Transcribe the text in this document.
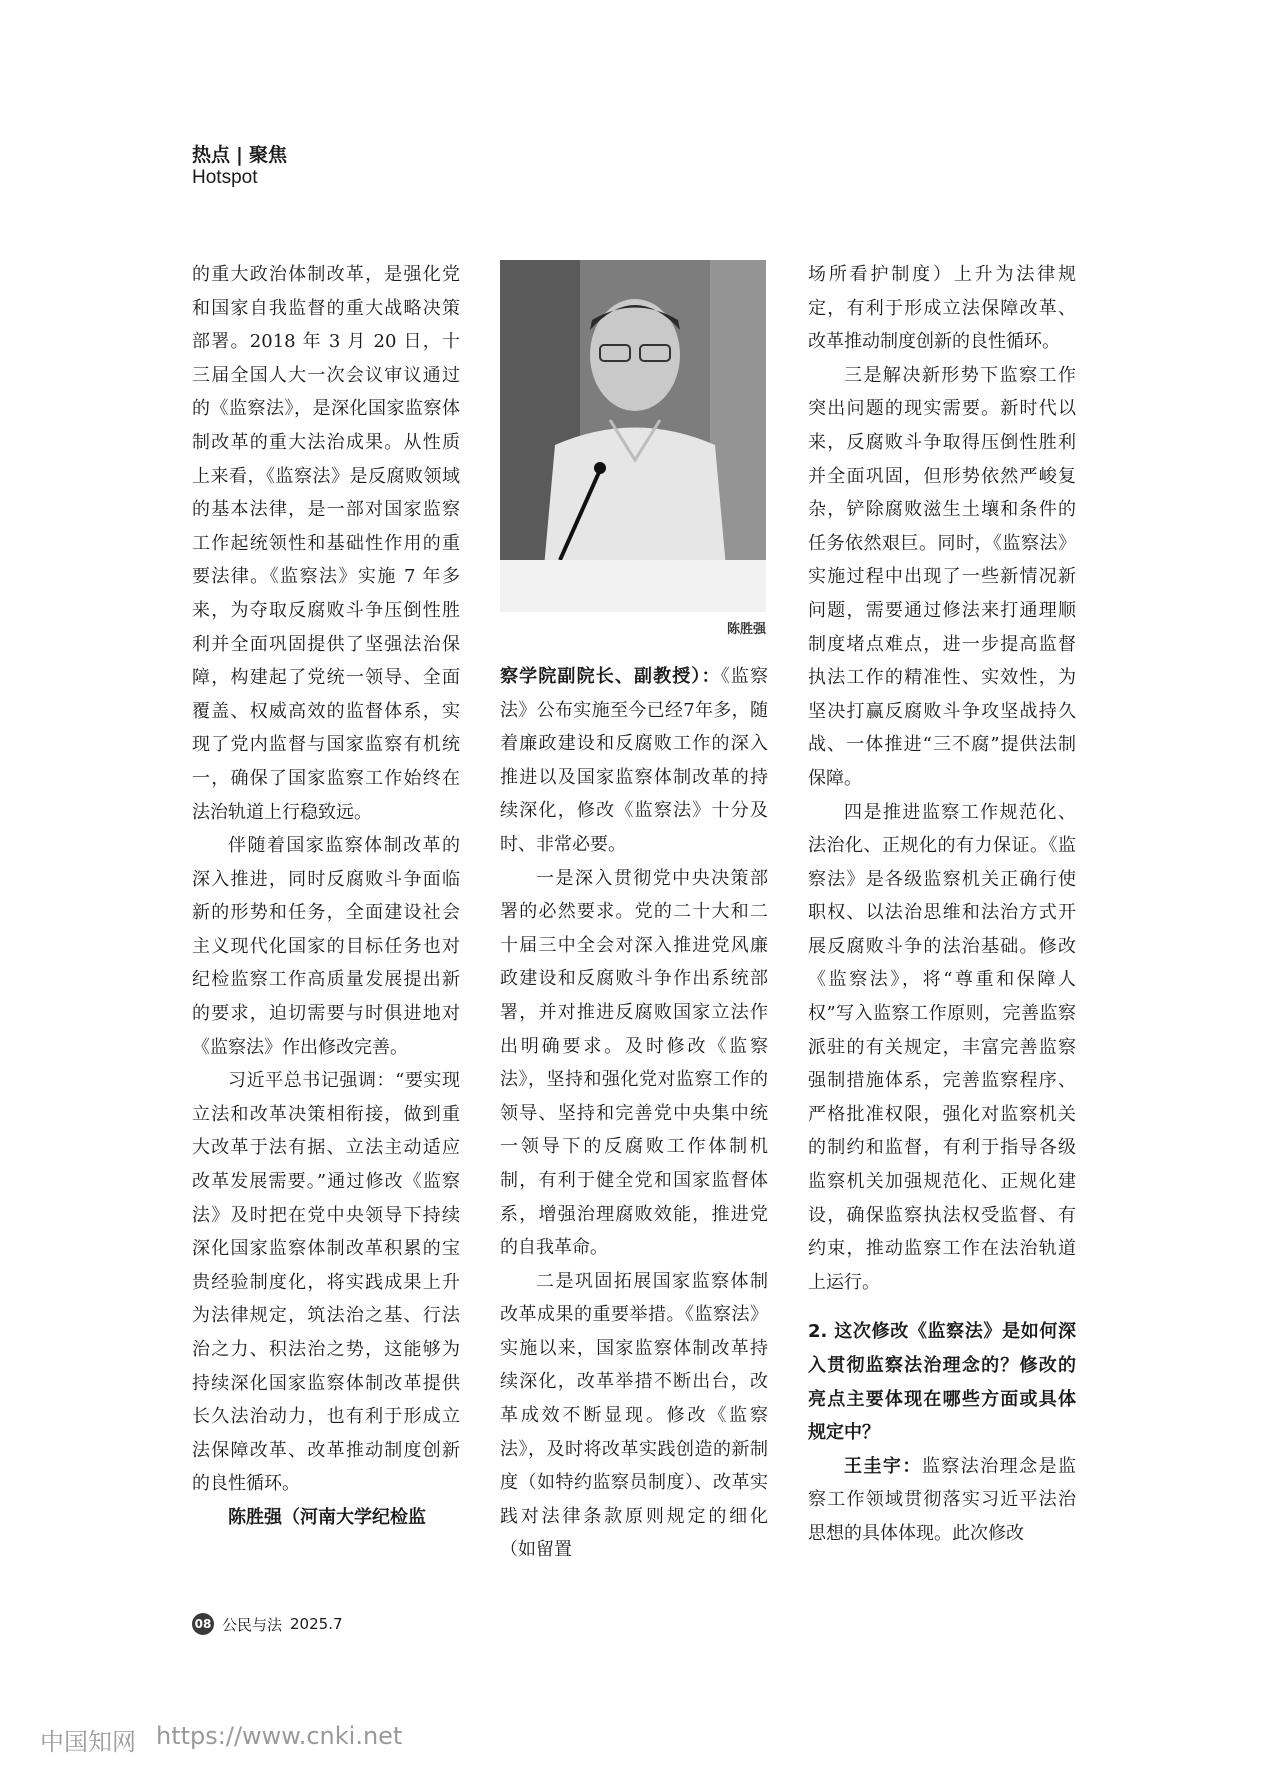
热点 | 聚焦
Hotspot

的重大政治体制改革，是强化党和国家自我监督的重大战略决策部署。2018 年 3 月 20 日，十三届全国人大一次会议审议通过的《监察法》，是深化国家监察体制改革的重大法治成果。从性质上来看，《监察法》是反腐败领域的基本法律，是一部对国家监察工作起统领性和基础性作用的重要法律。《监察法》实施 7 年多来，为夺取反腐败斗争压倒性胜利并全面巩固提供了坚强法治保障，构建起了党统一领导、全面覆盖、权威高效的监督体系，实现了党内监督与国家监察有机统一，确保了国家监察工作始终在法治轨道上行稳致远。

伴随着国家监察体制改革的深入推进，同时反腐败斗争面临新的形势和任务，全面建设社会主义现代化国家的目标任务也对纪检监察工作高质量发展提出新的要求，迫切需要与时俱进地对《监察法》作出修改完善。

习近平总书记强调：“要实现立法和改革决策相衔接，做到重大改革于法有据、立法主动适应改革发展需要。”通过修改《监察法》及时把在党中央领导下持续深化国家监察体制改革积累的宝贵经验制度化，将实践成果上升为法律规定，筑法治之基、行法治之力、积法治之势，这能够为持续深化国家监察体制改革提供长久法治动力，也有利于形成立法保障改革、改革推动制度创新的良性循环。

陈胜强（河南大学纪检监

陈胜强

察学院副院长、副教授）：《监察法》公布实施至今已经7年多，随着廉政建设和反腐败工作的深入推进以及国家监察体制改革的持续深化，修改《监察法》十分及时、非常必要。

一是深入贯彻党中央决策部署的必然要求。党的二十大和二十届三中全会对深入推进党风廉政建设和反腐败斗争作出系统部署，并对推进反腐败国家立法作出明确要求。及时修改《监察法》，坚持和强化党对监察工作的领导、坚持和完善党中央集中统一领导下的反腐败工作体制机制，有利于健全党和国家监督体系，增强治理腐败效能，推进党的自我革命。

二是巩固拓展国家监察体制改革成果的重要举措。《监察法》实施以来，国家监察体制改革持续深化，改革举措不断出台，改革成效不断显现。修改《监察法》，及时将改革实践创造的新制度（如特约监察员制度）、改革实践对法律条款原则规定的细化（如留置

场所看护制度）上升为法律规定，有利于形成立法保障改革、改革推动制度创新的良性循环。

三是解决新形势下监察工作突出问题的现实需要。新时代以来，反腐败斗争取得压倒性胜利并全面巩固，但形势依然严峻复杂，铲除腐败滋生土壤和条件的任务依然艰巨。同时，《监察法》实施过程中出现了一些新情况新问题，需要通过修法来打通理顺制度堵点难点，进一步提高监督执法工作的精准性、实效性，为坚决打赢反腐败斗争攻坚战持久战、一体推进“三不腐”提供法制保障。

四是推进监察工作规范化、法治化、正规化的有力保证。《监察法》是各级监察机关正确行使职权、以法治思维和法治方式开展反腐败斗争的法治基础。修改《监察法》，将“尊重和保障人权”写入监察工作原则，完善监察派驻的有关规定，丰富完善监察强制措施体系，完善监察程序、严格批准权限，强化对监察机关的制约和监督，有利于指导各级监察机关加强规范化、正规化建设，确保监察执法权受监督、有约束，推动监察工作在法治轨道上运行。

2. 这次修改《监察法》是如何深入贯彻监察法治理念的？修改的亮点主要体现在哪些方面或具体规定中？

王圭宇：监察法治理念是监察工作领域贯彻落实习近平法治思想的具体体现。此次修改

08 公民与法 2025.7
中国知网 https://www.cnki.net
